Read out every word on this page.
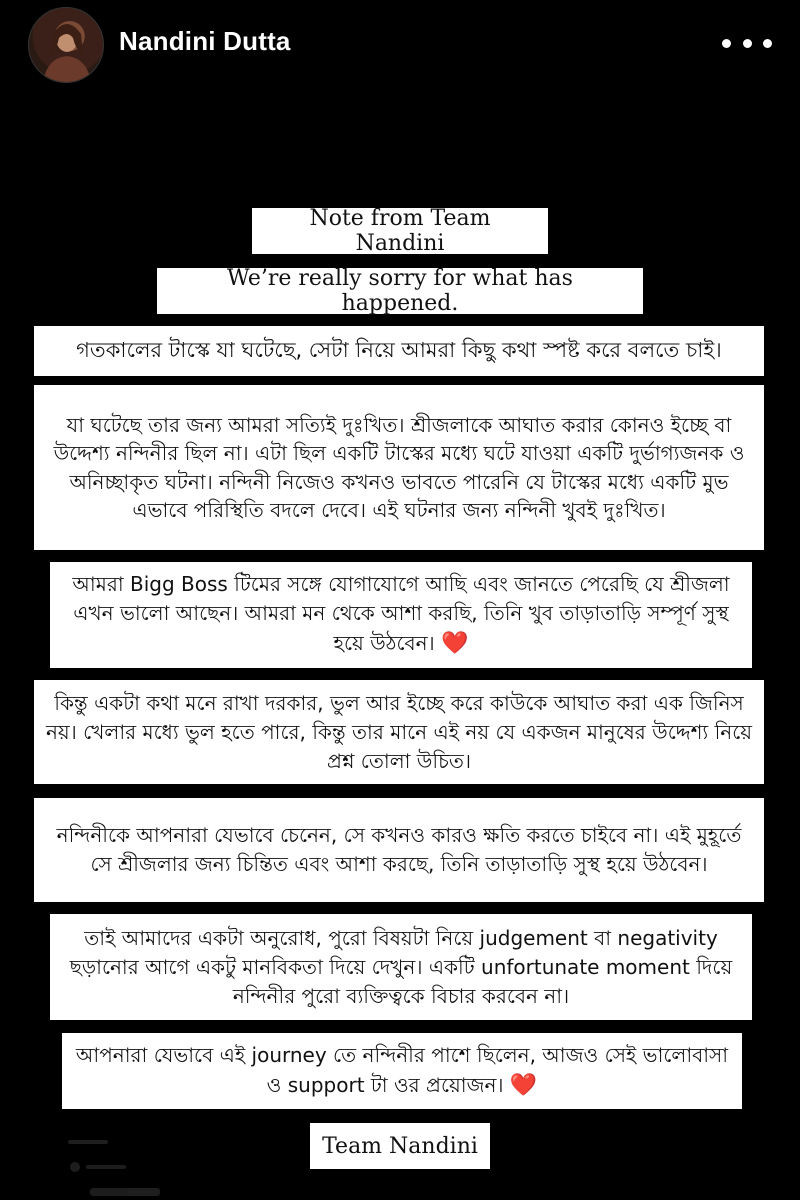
Nandini Dutta

Note from Team Nandini

We’re really sorry for what has happened.

গতকালের টাস্কে যা ঘটেছে, সেটা নিয়ে আমরা কিছু কথা স্পষ্ট করে বলতে চাই।

যা ঘটেছে তার জন্য আমরা সত্যিই দুঃখিত। শ্রীজলাকে আঘাত করার কোনও ইচ্ছে বা উদ্দেশ্য নন্দিনীর ছিল না। এটা ছিল একটি টাস্কের মধ্যে ঘটে যাওয়া একটি দুর্ভাগ্যজনক ও অনিচ্ছাকৃত ঘটনা। নন্দিনী নিজেও কখনও ভাবতে পারেনি যে টাস্কের মধ্যে একটি মুভ এভাবে পরিস্থিতি বদলে দেবে। এই ঘটনার জন্য নন্দিনী খুবই দুঃখিত।

আমরা Bigg Boss টিমের সঙ্গে যোগাযোগে আছি এবং জানতে পেরেছি যে শ্রীজলা এখন ভালো আছেন। আমরা মন থেকে আশা করছি, তিনি খুব তাড়াতাড়ি সম্পূর্ণ সুস্থ হয়ে উঠবেন। ❤️

কিন্তু একটা কথা মনে রাখা দরকার, ভুল আর ইচ্ছে করে কাউকে আঘাত করা এক জিনিস নয়। খেলার মধ্যে ভুল হতে পারে, কিন্তু তার মানে এই নয় যে একজন মানুষের উদ্দেশ্য নিয়ে প্রশ্ন তোলা উচিত।

নন্দিনীকে আপনারা যেভাবে চেনেন, সে কখনও কারও ক্ষতি করতে চাইবে না। এই মুহূর্তে সে শ্রীজলার জন্য চিন্তিত এবং আশা করছে, তিনি তাড়াতাড়ি সুস্থ হয়ে উঠবেন।

তাই আমাদের একটা অনুরোধ, পুরো বিষয়টা নিয়ে judgement বা negativity ছড়ানোর আগে একটু মানবিকতা দিয়ে দেখুন। একটি unfortunate moment দিয়ে নন্দিনীর পুরো ব্যক্তিত্বকে বিচার করবেন না।

আপনারা যেভাবে এই journey তে নন্দিনীর পাশে ছিলেন, আজও সেই ভালোবাসা ও support টা ওর প্রয়োজন। ❤️

Team Nandini
